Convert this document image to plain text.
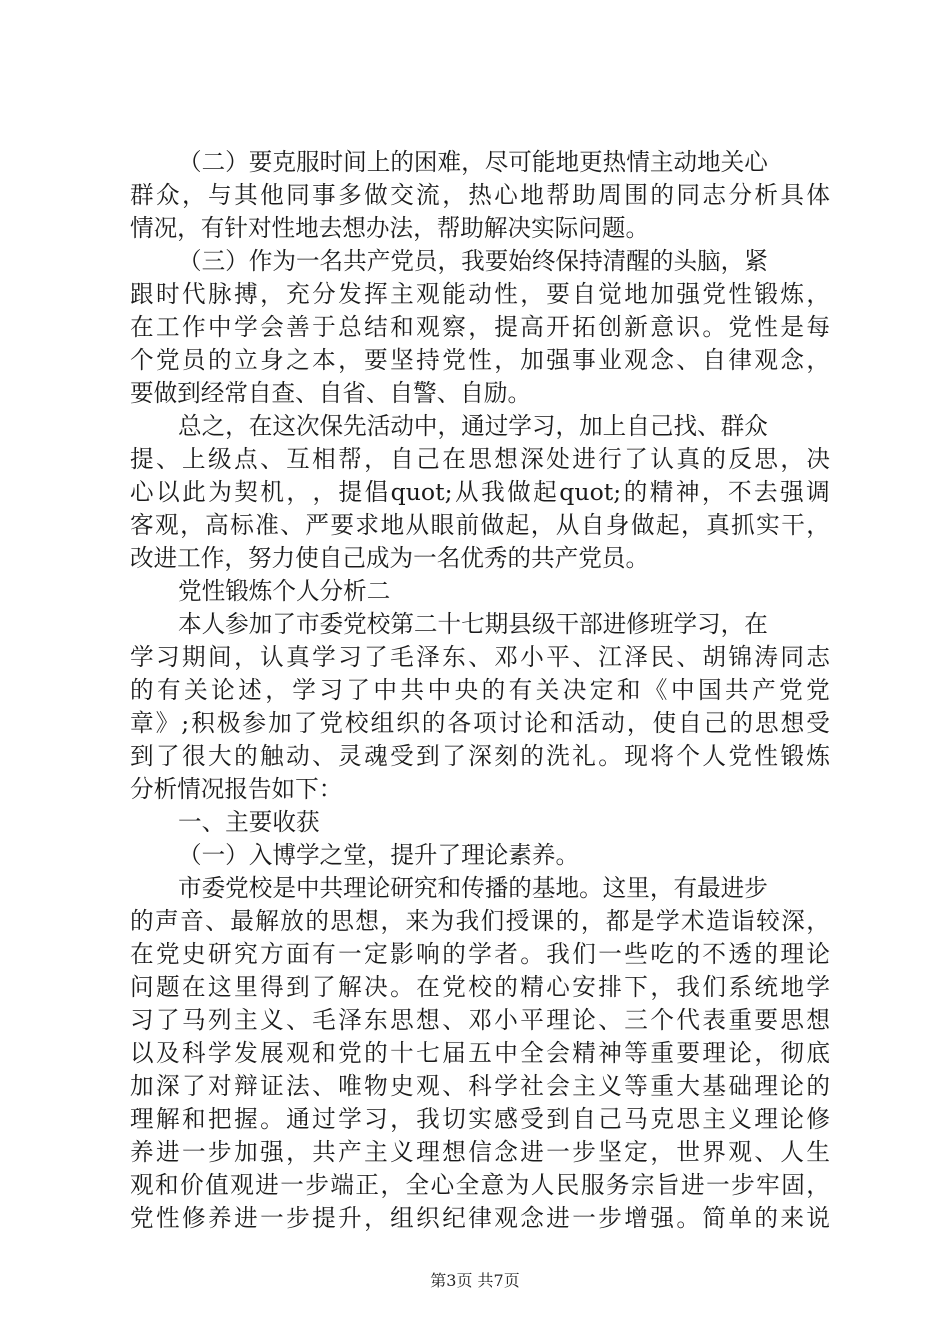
（二）要克服时间上的困难，尽可能地更热情主动地关心
群 众 ， 与 其 他 同 事 多 做 交 流 ， 热 心 地 帮 助 周 围 的 同 志 分 析 具 体
情况，有针对性地去想办法，帮助解决实际问题。
（三）作为一名共产党员，我要始终保持清醒的头脑，紧
跟 时 代 脉 搏 ， 充 分 发 挥 主 观 能 动 性 ， 要 自 觉 地 加 强 党 性 锻 炼 ，
在 工 作 中 学 会 善 于 总 结 和 观 察 ， 提 高 开 拓 创 新 意 识 。 党 性 是 每
个 党 员 的 立 身 之 本 ， 要 坚 持 党 性 ， 加 强 事 业 观 念 、 自 律 观 念 ，
要做到经常自查、自省、自警、自励。
总之，在这次保先活动中，通过学习，加上自己找、群众
提 、 上 级 点 、 互 相 帮 ， 自 己 在 思 想 深 处 进 行 了 认 真 的 反 思 ， 决
心 以 此 为 契 机 ， ， 提 倡 quot; 从 我 做 起 quot; 的 精 神 ， 不 去 强 调
客 观 ， 高 标 准 、 严 要 求 地 从 眼 前 做 起 ， 从 自 身 做 起 ， 真 抓 实 干 ，
改进工作，努力使自己成为一名优秀的共产党员。
党性锻炼个人分析二
本人参加了市委党校第二十七期县级干部进修班学习，在
学 习 期 间 ， 认 真 学 习 了 毛 泽 东 、 邓 小 平 、 江 泽 民 、 胡 锦 涛 同 志
的 有 关 论 述 ， 学 习 了 中 共 中 央 的 有 关 决 定 和 《 中 国 共 产 党 党
章 》 ; 积 极 参 加 了 党 校 组 织 的 各 项 讨 论 和 活 动 ， 使 自 己 的 思 想 受
到 了 很 大 的 触 动 、 灵 魂 受 到 了 深 刻 的 洗 礼 。 现 将 个 人 党 性 锻 炼
分析情况报告如下：
一、主要收获
（一）入博学之堂，提升了理论素养。
市委党校是中共理论研究和传播的基地。这里，有最进步
的 声 音 、 最 解 放 的 思 想 ， 来 为 我 们 授 课 的 ， 都 是 学 术 造 诣 较 深 ，
在 党 史 研 究 方 面 有 一 定 影 响 的 学 者 。 我 们 一 些 吃 的 不 透 的 理 论
问 题 在 这 里 得 到 了 解 决 。 在 党 校 的 精 心 安 排 下 ， 我 们 系 统 地 学
习 了 马 列 主 义 、 毛 泽 东 思 想 、 邓 小 平 理 论 、 三 个 代 表 重 要 思 想
以 及 科 学 发 展 观 和 党 的 十 七 届 五 中 全 会 精 神 等 重 要 理 论 ， 彻 底
加 深 了 对 辩 证 法 、 唯 物 史 观 、 科 学 社 会 主 义 等 重 大 基 础 理 论 的
理 解 和 把 握 。 通 过 学 习 ， 我 切 实 感 受 到 自 己 马 克 思 主 义 理 论 修
养 进 一 步 加 强 ， 共 产 主 义 理 想 信 念 进 一 步 坚 定 ， 世 界 观 、 人 生
观 和 价 值 观 进 一 步 端 正 ， 全 心 全 意 为 人 民 服 务 宗 旨 进 一 步 牢 固 ，
党 性 修 养 进 一 步 提 升 ， 组 织 纪 律 观 念 进 一 步 增 强 。 简 单 的 来 说
第3页 共7页
